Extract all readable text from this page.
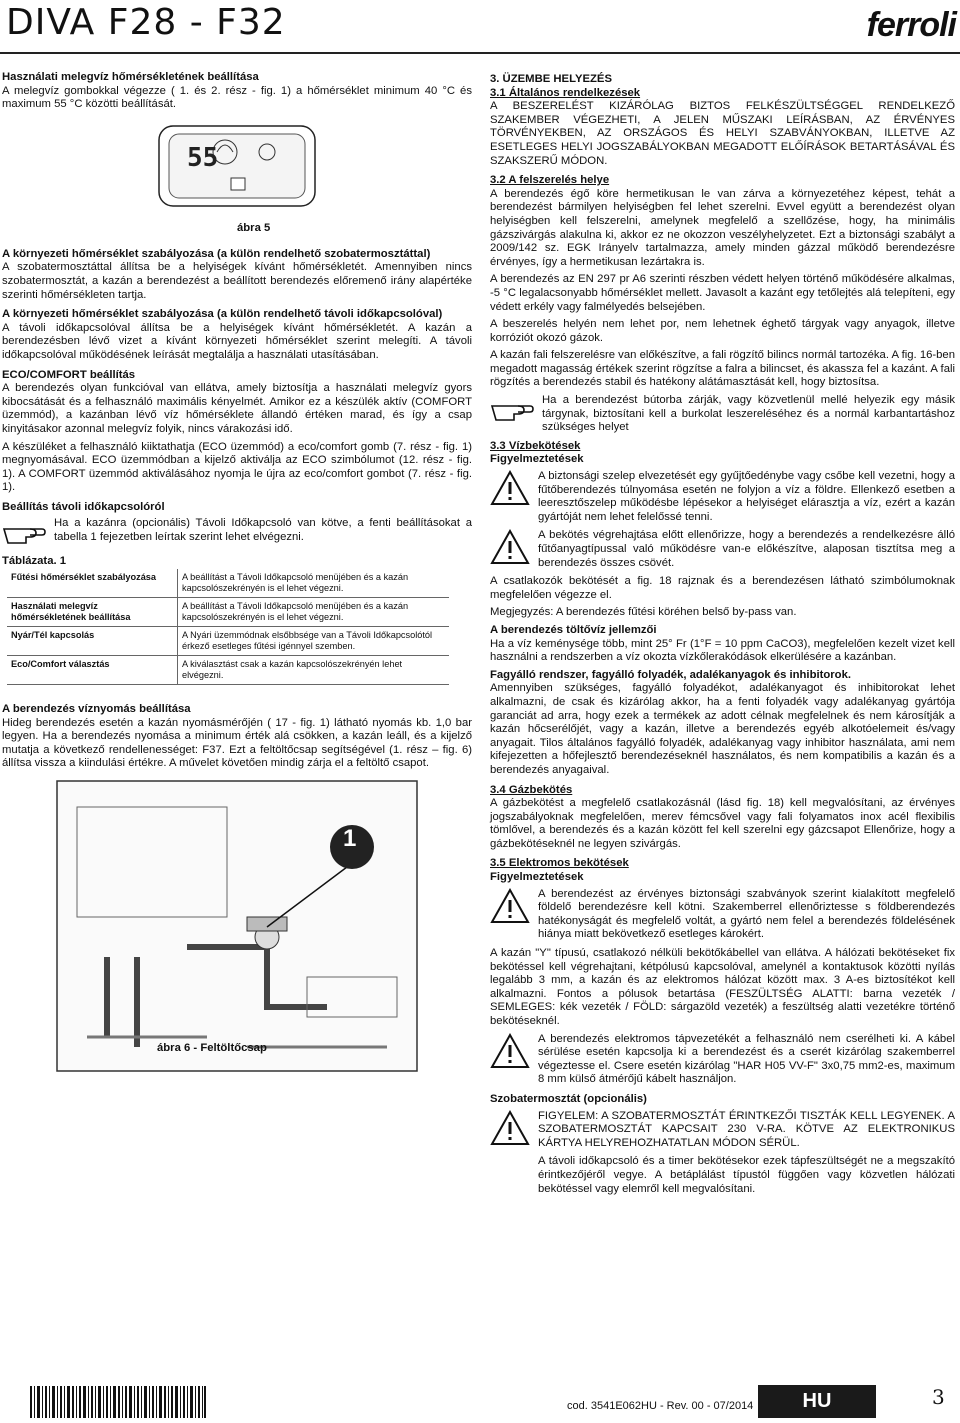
DIVA F28 - F32	ferroli

Használati melegvíz hőmérsékletének beállítása

A melegvíz gombokkal végezze ( 1. és 2. rész - fig. 1) a hőmérséklet minimum 40 °C és maximum 55 °C közötti beállítását.

55
ábra 5

A környezeti hőmérséklet szabályozása (a külön rendelhető szobatermosztáttal)

A szobatermosztáttal állítsa be a helyiségek kívánt hőmérsékletét. Amennyiben nincs szobatermosztát, a kazán a berendezést a beállított berendezés előremenő irány alapértéke szerinti hőmérsékleten tartja.

A környezeti hőmérséklet szabályozása (a külön rendelhető távoli időkapcsolóval)

A távoli időkapcsolóval állítsa be a helyiségek kívánt hőmérsékletét. A kazán a berendezésben lévő vizet a kívánt környezeti hőmérséklet szerint melegíti. A távoli időkapcsolóval működésének leírását megtalálja a használati utasításában.

ECO/COMFORT beállítás

A berendezés olyan funkcióval van ellátva, amely biztosítja a használati melegvíz gyors kibocsátását és a felhasználó maximális kényelmét. Amikor ez a készülék aktív (COMFORT üzemmód), a kazánban lévő víz hőmérséklete állandó értéken marad, és így a csap kinyitásakor azonnal melegvíz folyik, nincs várakozási idő.

A készüléket a felhasználó kiiktathatja (ECO üzemmód) a eco/comfort gomb (7. rész - fig. 1) megnyomásával. ECO üzemmódban a kijelző aktiválja az ECO szimbólumot (12. rész - fig. 1). A COMFORT üzemmód aktiválásához nyomja le újra az eco/comfort gombot (7. rész - fig. 1).

Beállítás távoli időkapcsolóról

Ha a kazánra (opcionális) Távoli Időkapcsoló van kötve, a fenti beállításokat a tabella 1 fejezetben leírtak szerint lehet elvégezni.

Táblázata. 1

Fűtési hőmérséklet szabályozása	A beállítást a Távoli Időkapcsoló menüjében és a kazán kapcsolószekrényén is el lehet végezni.
Használati melegvíz hőmérsékletének beállítása	A beállítást a Távoli Időkapcsoló menüjében és a kazán kapcsolószekrényén is el lehet végezni.
Nyár/Tél kapcsolás	A Nyári üzemmódnak elsőbbsége van a Távoli Időkapcsolótól érkező esetleges fűtési igénnyel szemben.
Eco/Comfort választás	A kiválasztást csak a kazán kapcsolószekrényén lehet elvégezni.

A berendezés víznyomás beállítása

Hideg berendezés esetén a kazán nyomásmérőjén ( 17 - fig. 1) látható nyomás kb. 1,0 bar legyen. Ha a berendezés nyomása a minimum érték alá csökken, a kazán leáll, és a kijelző mutatja a következő rendellenességet: F37. Ezt a feltöltőcsap segítségével (1. rész – fig. 6) állítsa vissza a kiindulási értékre. A művelet követően mindig zárja el a feltöltő csapot.

1
ábra 6 - Feltöltőcsap

3. ÜZEMBE HELYEZÉS

3.1 Általános rendelkezések

A BESZERELÉST KIZÁRÓLAG BIZTOS FELKÉSZÜLTSÉGGEL RENDELKEZŐ SZAKEMBER VÉGEZHETI, A JELEN MŰSZAKI LEÍRÁSBAN, AZ ÉRVÉNYES TÖRVÉNYEKBEN, AZ ORSZÁGOS ÉS HELYI SZABVÁNYOKBAN, ILLETVE AZ ESETLEGES HELYI JOGSZABÁLYOKBAN MEGADOTT ELŐÍRÁSOK BETARTÁSÁVAL ÉS SZAKSZERŰ MÓDON.

3.2 A felszerelés helye

A berendezés égő köre hermetikusan le van zárva a környezetéhez képest, tehát a berendezést bármilyen helyiségben fel lehet szerelni. Evvel együtt a berendezést olyan helyiségben kell felszerelni, amelynek megfelelő a szellőzése, hogy, ha minimális gázszivárgás alakulna ki, akkor ez ne okozzon veszélyhelyzetet. Ezt a biztonsági szabályt a 2009/142 sz. EGK Irányelv tartalmazza, amely minden gázzal működő berendezésre érvényes, így a hermetikusan lezártakra is.

A berendezés az EN 297 pr A6 szerinti részben védett helyen történő működésére alkalmas, -5 °C legalacsonyabb hőmérséklet mellett. Javasolt a kazánt egy tetőlejtés alá telepíteni, egy védett erkély vagy falmélyedés belsejében.

A beszerelés helyén nem lehet por, nem lehetnek éghető tárgyak vagy anyagok, illetve korróziót okozó gázok.

A kazán fali felszerelésre van előkészítve, a fali rögzítő bilincs normál tartozéka. A fig. 16-ben megadott magasság értékek szerint rögzítse a falra a bilincset, és akassza fel a kazánt. A fali rögzítés a berendezés stabil és hatékony alátámasztását kell, hogy biztosítsa.

Ha a berendezést bútorba zárják, vagy közvetlenül mellé helyezik egy másik tárgynak, biztosítani kell a burkolat leszereléséhez és a normál karbantartáshoz szükséges helyet

3.3 Vízbekötések

Figyelmeztetések

A biztonsági szelep elvezetését egy gyűjtőedénybe vagy csőbe kell vezetni, hogy a fűtőberendezés túlnyomása esetén ne folyjon a víz a földre. Ellenkező esetben a leeresztőszelep működésbe lépésekor a helyiséget elárasztja a víz, ezért a kazán gyártóját nem lehet felelőssé tenni.
A bekötés végrehajtása előtt ellenőrizze, hogy a berendezés a rendelkezésre álló fűtőanyagtípussal való működésre van-e előkészítve, alaposan tisztítsa meg a berendezés összes csövét.

A csatlakozók bekötését a fig. 18 rajznak és a berendezésen látható szimbólumoknak megfelelően végezze el.

Megjegyzés: A berendezés fűtési köréhen belső by-pass van.

A berendezés töltővíz jellemzői

Ha a víz keménysége több, mint 25° Fr (1°F = 10 ppm CaCO3), megfelelően kezelt vizet kell használni a rendszerben a víz okozta vízkőlerakódások elkerülésére a kazánban.

Fagyálló rendszer, fagyálló folyadék, adalékanyagok és inhibitorok.

Amennyiben szükséges, fagyálló folyadékot, adalékanyagot és inhibitorokat lehet alkalmazni, de csak és kizárólag akkor, ha a fenti folyadék vagy adalékanyag gyártója garanciát ad arra, hogy ezek a termékek az adott célnak megfelelnek és nem károsítják a kazán hőcserélőjét, vagy a kazán, illetve a berendezés egyéb alkotóelemeit és/vagy anyagait. Tilos általános fagyálló folyadék, adalékanyag vagy inhibitor használata, ami nem kifejezetten a hőfejlesztő berendezéseknél használatos, és nem kompatibilis a kazán és a berendezés anyagaival.

3.4 Gázbekötés

A gázbekötést a megfelelő csatlakozásnál (lásd fig. 18) kell megvalósítani, az érvényes jogszabályoknak megfelelően, merev fémcsővel vagy fali folyamatos inox acél flexibilis tömlővel, a berendezés és a kazán között fel kell szerelni egy gázcsapot Ellenőrize, hogy a gázbekötéseknél ne legyen szivárgás.

3.5 Elektromos bekötések

Figyelmeztetések

A berendezést az érvényes biztonsági szabványok szerint kialakított megfelelő földelő berendezésre kell kötni. Szakemberrel ellenőriztesse s földberendezés hatékonyságát és megfelelő voltát, a gyártó nem felel a berendezés földelésének hiánya miatt bekövetkező esetleges károkért.

A kazán "Y" típusú, csatlakozó nélküli bekötőkábellel van ellátva. A hálózati bekötéseket fix bekötéssel kell végrehajtani, kétpólusú kapcsolóval, amelynél a kontaktusok közötti nyílás legalább 3 mm, a kazán és az elektromos hálózat között max. 3 A-es biztosítékot kell alkalmazni. Fontos a pólusok betartása (FESZÜLTSÉG ALATTI: barna vezeték / SEMLEGES: kék vezeték / FÖLD: sárgazöld vezeték) a feszültség alatti vezetékre történő bekötéseknél.

A berendezés elektromos tápvezetékét a felhasználó nem cserélheti ki. A kábel sérülése esetén kapcsolja ki a berendezést és a cserét kizárólag szakemberrel végeztesse el. Csere esetén kizárólag "HAR H05 VV-F" 3x0,75 mm2-es, maximum 8 mm külső átmérőjű kábelt használjon.

Szobatermosztát (opcionális)

FIGYELEM: A SZOBATERMOSZTÁT ÉRINTKEZŐI TISZTÁK KELL LEGYENEK. A SZOBATERMOSZTÁT KAPCSAIT 230 V-RA. KÖTVE AZ ELEKTRONIKUS KÁRTYA HELYREHOZHATATLAN MÓDON SÉRÜL.

A távoli időkapcsoló és a timer bekötésekor ezek tápfeszültségét ne a megszakító érintkezőjéről vegye. A betáplálást típustól függően vagy közvetlen hálózati bekötéssel vagy elemről kell megvalósítani.

cod. 3541E062HU - Rev. 00 - 07/2014	HU	3
